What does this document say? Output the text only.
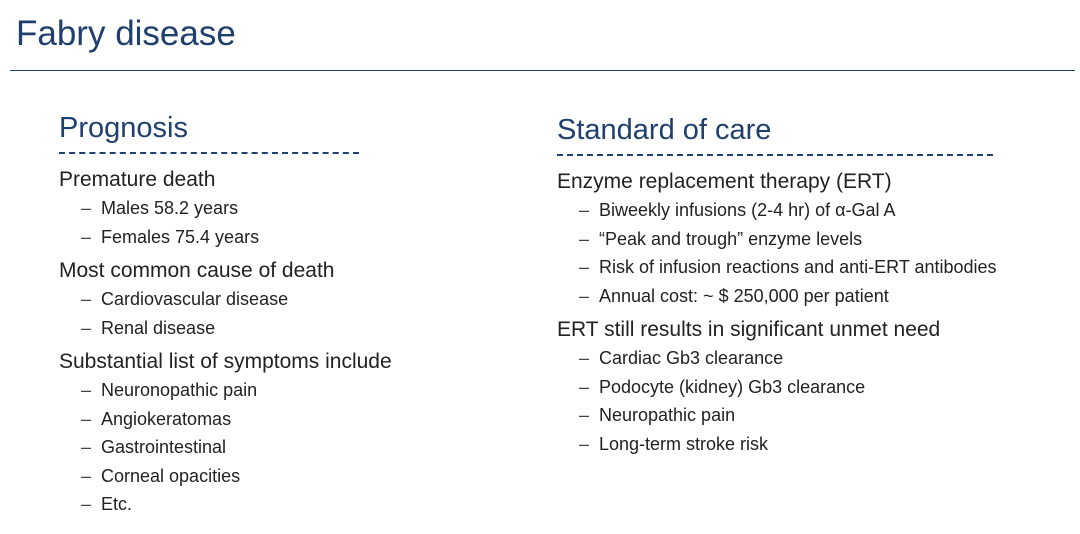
Fabry disease
Prognosis
Premature death
– Males 58.2 years
– Females 75.4 years
Most common cause of death
– Cardiovascular disease
– Renal disease
Substantial list of symptoms include
– Neuronopathic pain
– Angiokeratomas
– Gastrointestinal
– Corneal opacities
– Etc.
Standard of care
Enzyme replacement therapy (ERT)
– Biweekly infusions (2-4 hr) of α-Gal A
– “Peak and trough” enzyme levels
– Risk of infusion reactions and anti-ERT antibodies
– Annual cost: ~ $ 250,000 per patient
ERT still results in significant unmet need
– Cardiac Gb3 clearance
– Podocyte (kidney) Gb3 clearance
– Neuropathic pain
– Long-term stroke risk
